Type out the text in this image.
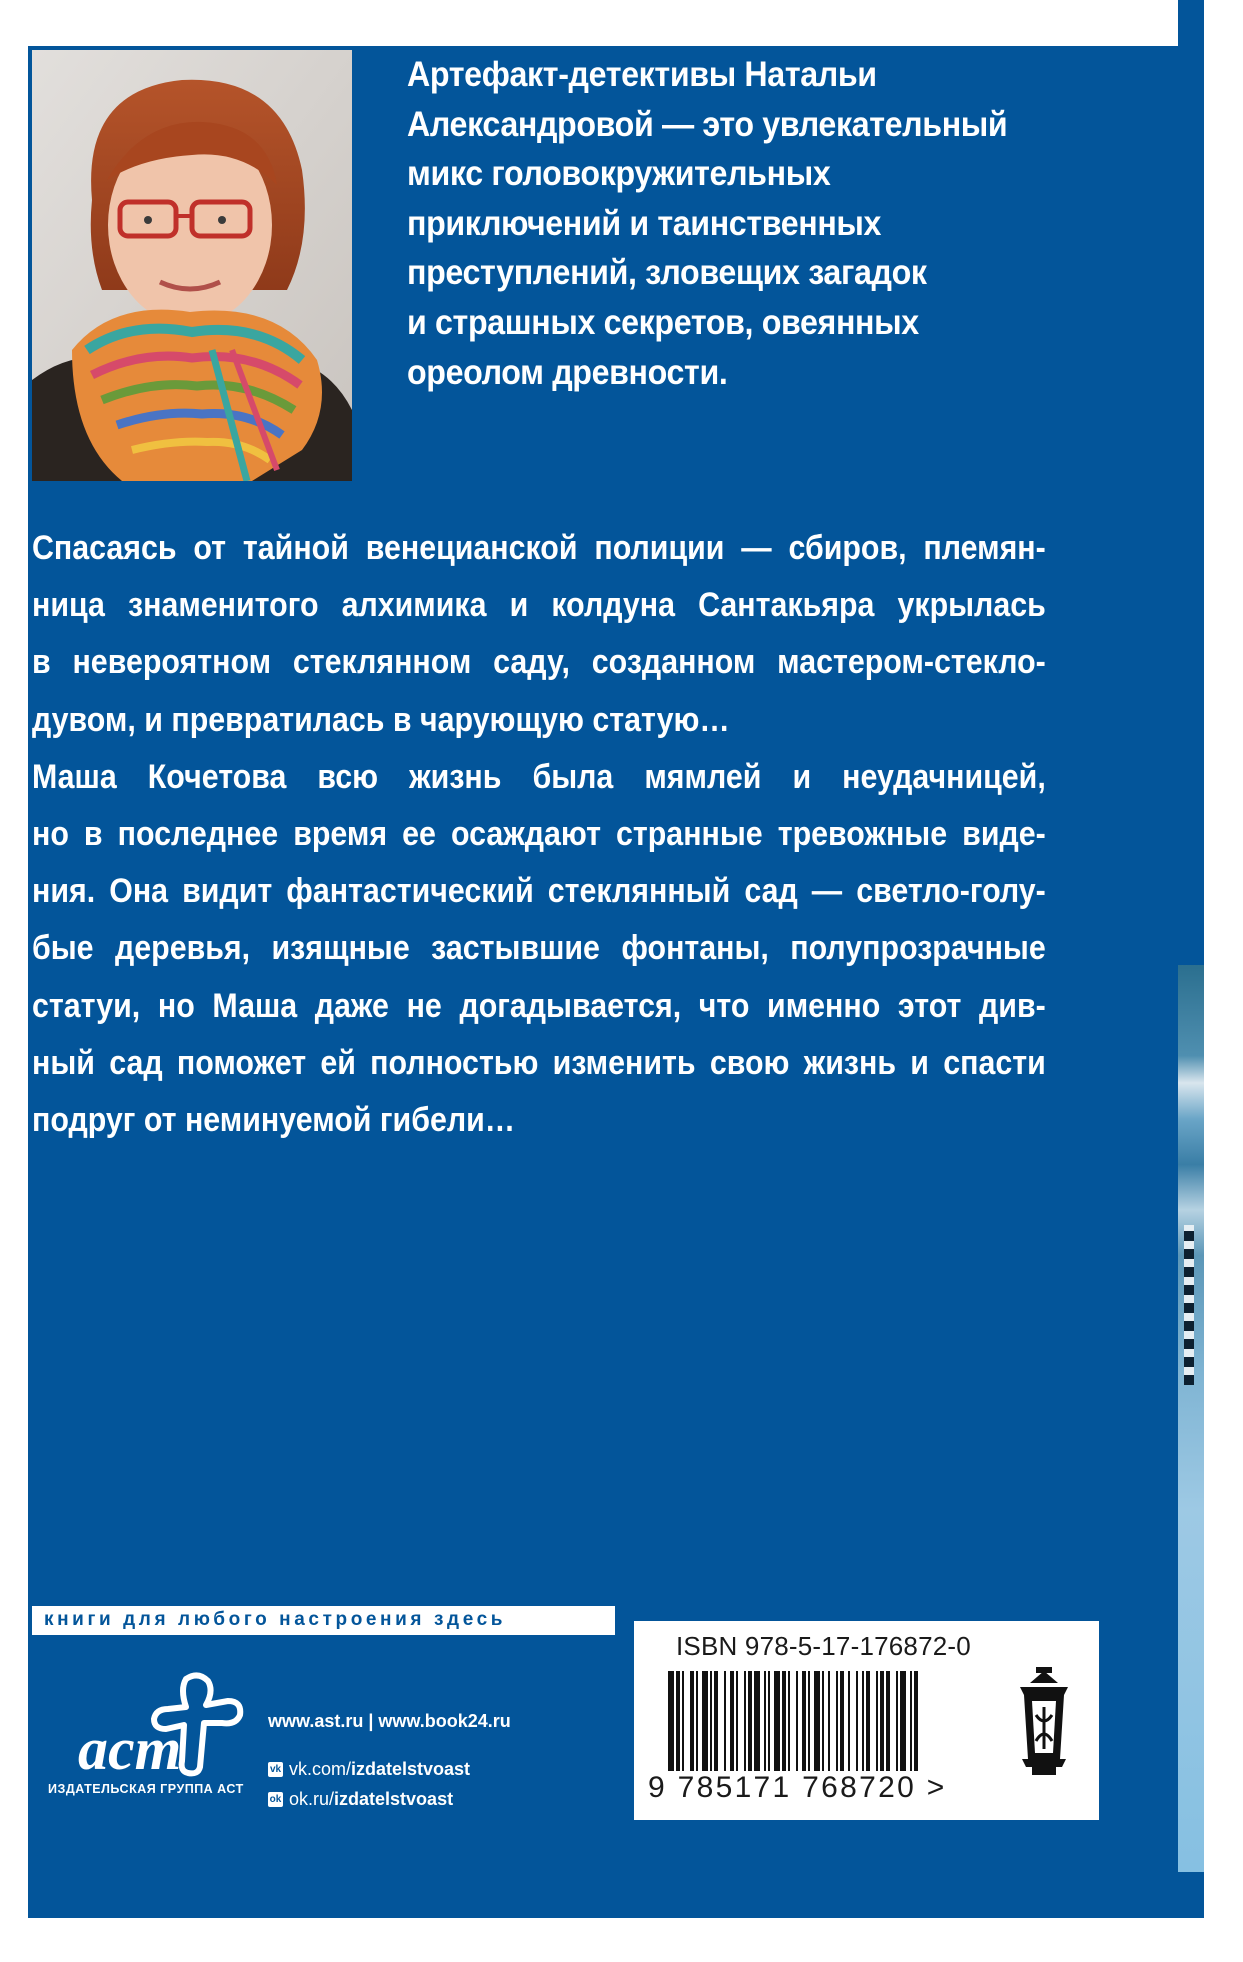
Артефакт-детективы Натальи
Александровой — это увлекательный
микс головокружительных
приключений и таинственных
преступлений, зловещих загадок
и страшных секретов, овеянных
ореолом древности.
Спасаясь от тайной венецианской полиции — сбиров, племян-
ница знаменитого алхимика и колдуна Сантакьяра укрылась
в невероятном стеклянном саду, созданном мастером-стекло-
дувом, и превратилась в чарующую статую…
Маша Кочетова всю жизнь была мямлей и неудачницей,
но в последнее время ее осаждают странные тревожные виде-
ния. Она видит фантастический стеклянный сад — светло-голу-
бые деревья, изящные застывшие фонтаны, полупрозрачные
статуи, но Маша даже не догадывается, что именно этот див-
ный сад поможет ей полностью изменить свою жизнь и спасти
подруг от неминуемой гибели…
книги для любого настроения здесь
аст
ИЗДАТЕЛЬСКАЯ ГРУППА АСТ
www.ast.ru | www.book24.ru
vk vk.com/ izdatelstvoast
ok ok.ru/ izdatelstvoast
ISBN 978-5-17-176872-0
9 785171 768720 >
